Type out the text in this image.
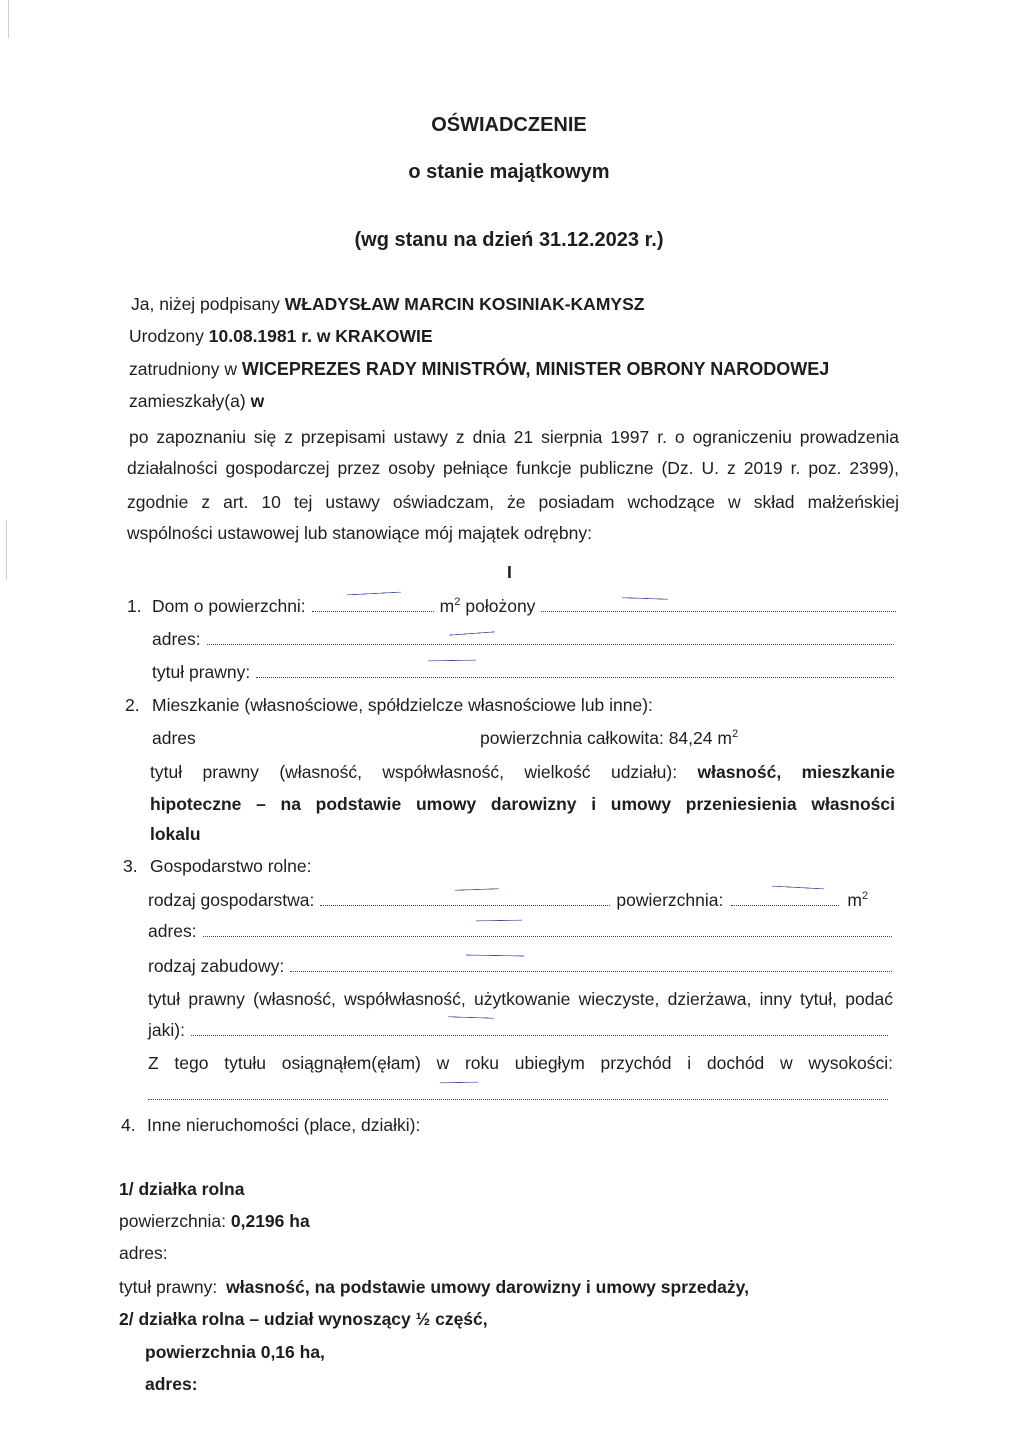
OŚWIADCZENIE
o stanie majątkowym
(wg stanu na dzień 31.12.2023 r.)
Ja, niżej podpisany WŁADYSŁAW MARCIN KOSINIAK-KAMYSZ
Urodzony 10.08.1981 r. w KRAKOWIE
zatrudniony w WICEPREZES RADY MINISTRÓW, MINISTER OBRONY NARODOWEJ
zamieszkały(a) w
po zapoznaniu się z przepisami ustawy z dnia 21 sierpnia 1997 r. o ograniczeniu prowadzenia
działalności gospodarczej przez osoby pełniące funkcje publiczne (Dz. U. z 2019 r. poz. 2399),
zgodnie z art. 10 tej ustawy oświadczam, że posiadam wchodzące w skład małżeńskiej
wspólności ustawowej lub stanowiące mój majątek odrębny:
I
1. Dom o powierzchni:	$m^2$ położony
adres:
tytuł prawny:
2. Mieszkanie (własnościowe, spółdzielcze własnościowe lub inne):
adres	powierzchnia całkowita: 84,24 $m^2$
tytuł prawny (własność, współwłasność, wielkość udziału): własność, mieszkanie
hipoteczne – na podstawie umowy darowizny i umowy przeniesienia własności
lokalu
3. Gospodarstwo rolne:
rodzaj gospodarstwa:	powierzchnia:	$m^2$
adres:
rodzaj zabudowy:
tytuł prawny (własność, współwłasność, użytkowanie wieczyste, dzierżawa, inny tytuł, podać
jaki):
Z tego tytułu osiągnąłem(ęłam) w roku ubiegłym przychód i dochód w wysokości:
4. Inne nieruchomości (place, działki):
1/ działka rolna
powierzchnia: 0,2196 ha
adres:
tytuł prawny: własność, na podstawie umowy darowizny i umowy sprzedaży,
2/ działka rolna – udział wynoszący ½ część,
powierzchnia 0,16 ha,
adres:
